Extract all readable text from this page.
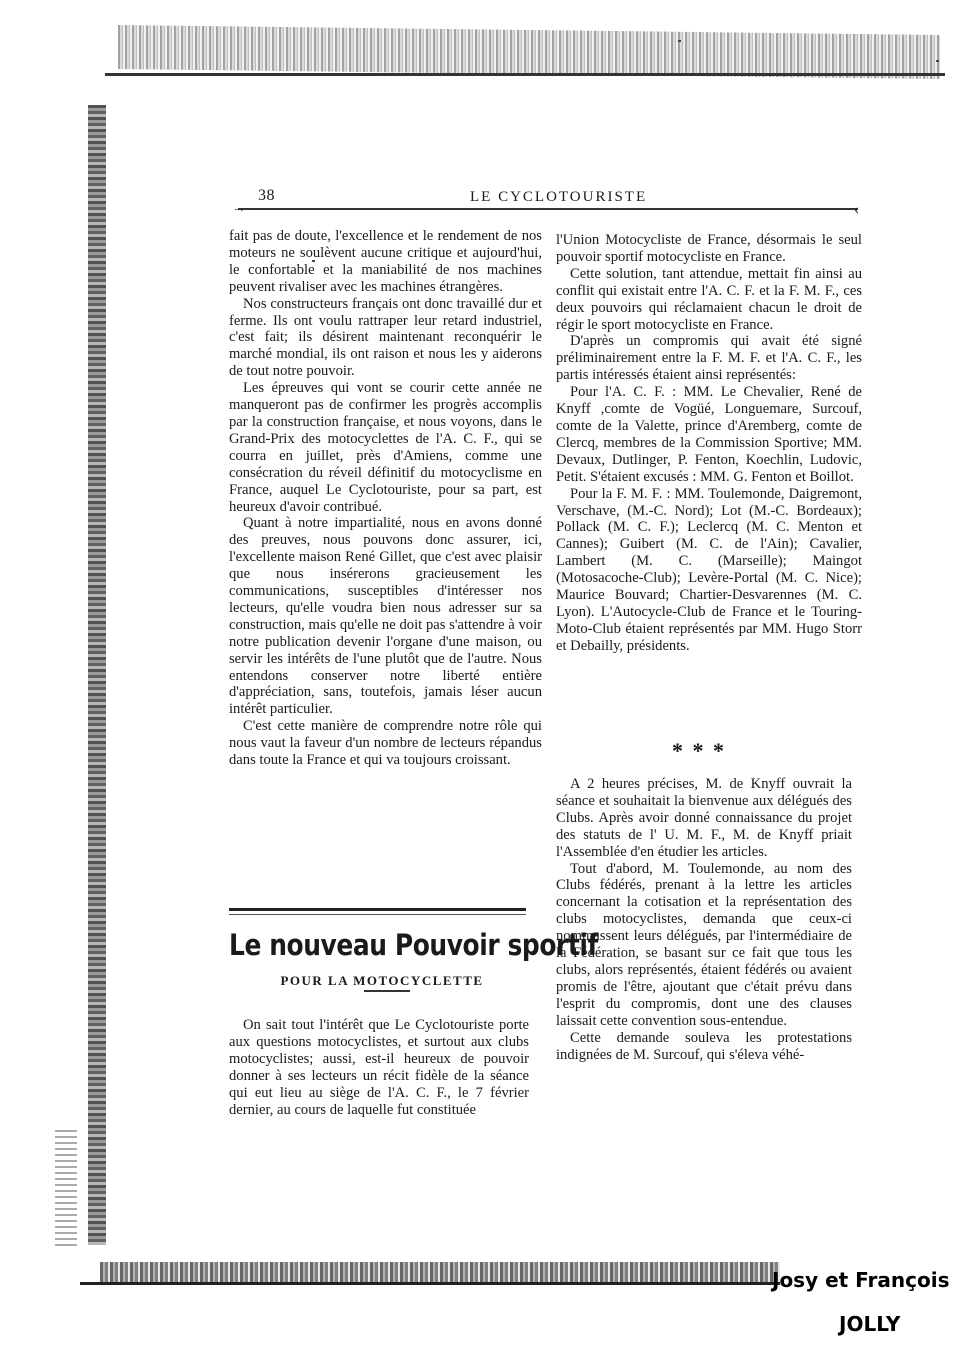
38	LE CYCLOTOURISTE
→	‹

fait pas de doute, l'excellence et le rendement de nos moteurs ne soulèvent aucune critique et aujourd'hui, le confortable et la maniabilité de nos machines peuvent rivaliser avec les machines étrangères.

Nos constructeurs français ont donc travaillé dur et ferme. Ils ont voulu rattraper leur retard industriel, c'est fait; ils désirent maintenant reconquérir le marché mondial, ils ont raison et nous les y aiderons de tout notre pouvoir.

Les épreuves qui vont se courir cette année ne manqueront pas de confirmer les progrès accomplis par la construction française, et nous voyons, dans le Grand-Prix des motocyclettes de l'A. C. F., qui se courra en juillet, près d'Amiens, comme une consécration du réveil définitif du motocyclisme en France, auquel Le Cyclotouriste, pour sa part, est heureux d'avoir contribué.

Quant à notre impartialité, nous en avons donné des preuves, nous pouvons donc assurer, ici, l'excellente maison René Gillet, que c'est avec plaisir que nous insérerons gracieusement les communications, susceptibles d'intéresser nos lecteurs, qu'elle voudra bien nous adresser sur sa construction, mais qu'elle ne doit pas s'attendre à voir notre publication devenir l'organe d'une maison, ou servir les intérêts de l'une plutôt que de l'autre. Nous entendons conserver notre liberté entière d'appréciation, sans, toutefois, jamais léser aucun intérêt particulier.

C'est cette manière de comprendre notre rôle qui nous vaut la faveur d'un nombre de lecteurs répandus dans toute la France et qui va toujours croissant.

Le nouveau Pouvoir sportif
POUR LA MOTOCYCLETTE

On sait tout l'intérêt que Le Cyclotouriste porte aux questions motocyclistes, et surtout aux clubs motocyclistes; aussi, est-il heureux de pouvoir donner à ses lecteurs un récit fidèle de la séance qui eut lieu au siège de l'A. C. F., le 7 février dernier, au cours de laquelle fut constituée

l'Union Motocycliste de France, désormais le seul pouvoir sportif motocycliste en France.

Cette solution, tant attendue, mettait fin ainsi au conflit qui existait entre l'A. C. F. et la F. M. F., ces deux pouvoirs qui réclamaient chacun le droit de régir le sport motocycliste en France.

D'après un compromis qui avait été signé préliminairement entre la F. M. F. et l'A. C. F., les partis intéressés étaient ainsi représentés:

Pour l'A. C. F. : MM. Le Chevalier, René de Knyff ,comte de Vogüé, Longuemare, Surcouf, comte de la Valette, prince d'Aremberg, comte de Clercq, membres de la Commission Sportive; MM. Devaux, Dutlinger, P. Fenton, Koechlin, Ludovic, Petit. S'étaient excusés : MM. G. Fenton et Boillot.

Pour la F. M. F. : MM. Toulemonde, Daigremont, Verschave, (M.-C. Nord); Lot (M.-C. Bordeaux); Pollack (M. C. F.); Leclercq (M. C. Menton et Cannes); Guibert (M. C. de l'Ain); Cavalier, Lambert (M. C. (Marseille); Maingot (Motosacoche-Club); Levère-Portal (M. C. Nice); Maurice Bouvard; Chartier-Desvarennes (M. C. Lyon). L'Autocycle-Club de France et le Touring-Moto-Club étaient représentés par MM. Hugo Storr et Debailly, présidents.

* * *

A 2 heures précises, M. de Knyff ouvrait la séance et souhaitait la bienvenue aux délégués des Clubs. Après avoir donné connaissance du projet des statuts de l' U. M. F., M. de Knyff priait l'Assemblée d'en étudier les articles.

Tout d'abord, M. Toulemonde, au nom des Clubs fédérés, prenant à la lettre les articles concernant la cotisation et la représentation des clubs motocyclistes, demanda que ceux-ci nommassent leurs délégués, par l'intermédiaire de la Fédération, se basant sur ce fait que tous les clubs, alors représentés, étaient fédérés ou avaient promis de l'être, ajoutant que c'était prévu dans l'esprit du compromis, dont une des clauses laissait cette convention sous-entendue.

Cette demande souleva les protestations indignées de M. Surcouf, qui s'éleva véhé-

Josy et François
JOLLY
